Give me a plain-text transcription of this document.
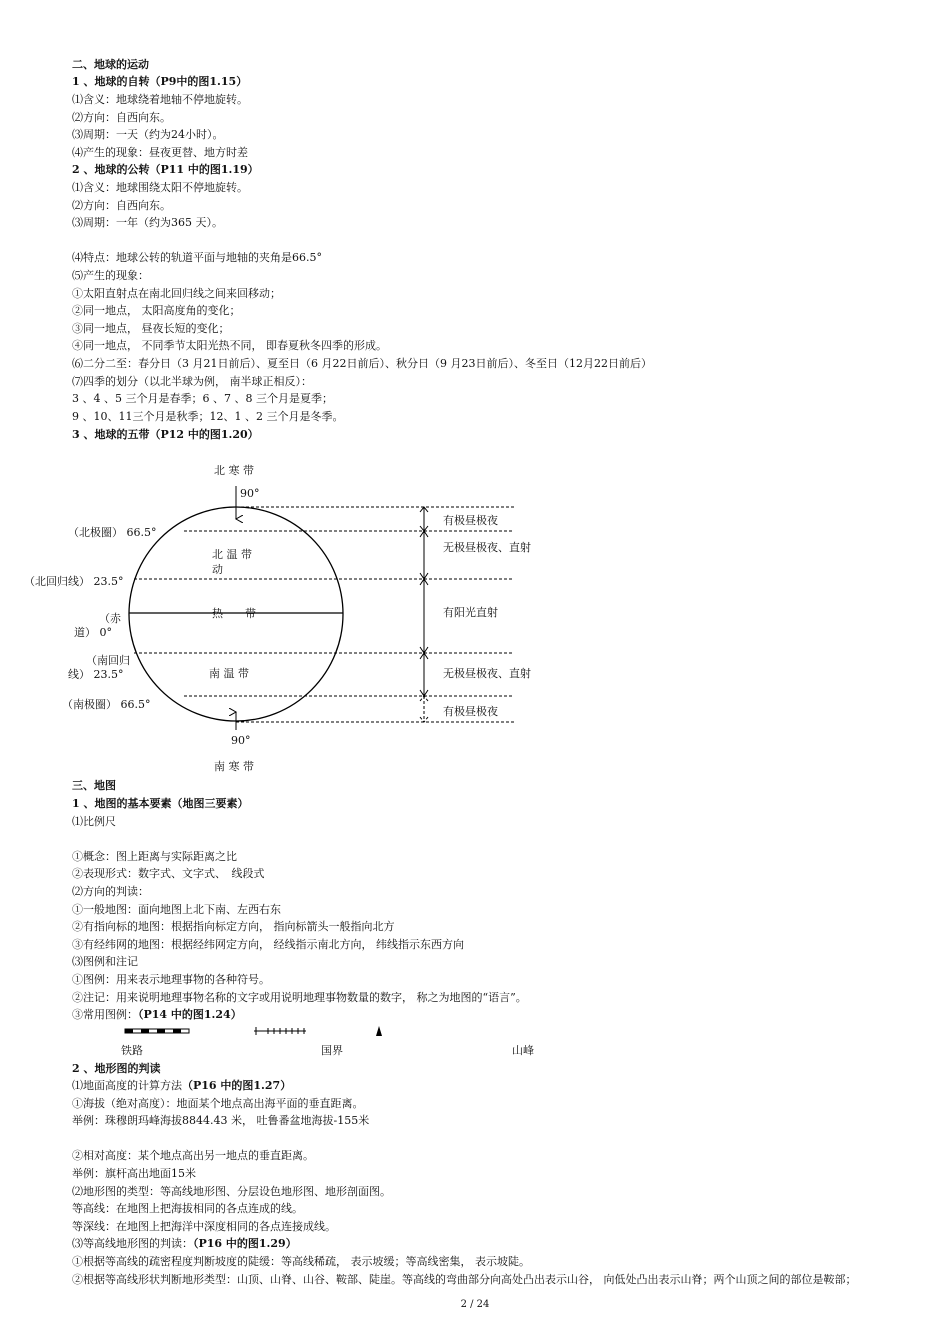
二、地球的运动
1 、地球的自转（P9中的图1.15）
⑴含义：地球绕着地轴不停地旋转。
⑵方向：自西向东。
⑶周期：一天（约为24小时）。
⑷产生的现象：昼夜更替、地方时差
2 、地球的公转（P11 中的图1.19）
⑴含义：地球围绕太阳不停地旋转。
⑵方向：自西向东。
⑶周期：一年（约为365 天）。
⑷特点：地球公转的轨道平面与地轴的夹角是66.5°
⑸产生的现象：
①太阳直射点在南北回归线之间来回移动；
②同一地点， 太阳高度角的变化；
③同一地点， 昼夜长短的变化；
④同一地点， 不同季节太阳光热不同， 即春夏秋冬四季的形成。
⑹二分二至：春分日（3 月21日前后）、夏至日（6 月22日前后）、秋分日（9 月23日前后）、冬至日（12月22日前后）
⑺四季的划分（以北半球为例， 南半球正相反）：
3 、4 、5 三个月是春季；6 、7 、8 三个月是夏季；
9 、10、11三个月是秋季；12、1 、2 三个月是冬季。
3 、地球的五带（P12 中的图1.20）
北 寒 带
90°
（北极圈） 66.5°
北 温 带
动
（北回归线） 23.5°
（赤
道） 0°
热　　带
（南回归
线） 23.5°	南 温 带
（南极圈） 66.5°
90°
南 寒 带
有极昼极夜
无极昼极夜、直射
有阳光直射
无极昼极夜、直射
有极昼极夜
三、地图
1 、地图的基本要素（地图三要素）
⑴比例尺
①概念：图上距离与实际距离之比
②表现形式：数字式、文字式、　线段式
⑵方向的判读：
①一般地图：面向地图上北下南、左西右东
②有指向标的地图：根据指向标定方向， 指向标箭头一般指向北方
③有经纬网的地图：根据经纬网定方向， 经线指示南北方向， 纬线指示东西方向
⑶图例和注记
①图例：用来表示地理事物的各种符号。
②注记：用来说明地理事物名称的文字或用说明地理事物数量的数字， 称之为地图的“语言”。
③常用图例：（P14 中的图1.24）
铁路	国界	山峰
2 、地形图的判读
⑴地面高度的计算方法（P16 中的图1.27）
①海拔（绝对高度）：地面某个地点高出海平面的垂直距离。
举例：珠穆朗玛峰海拔8844.43 米， 吐鲁番盆地海拔-155米
②相对高度：某个地点高出另一地点的垂直距离。
举例：旗杆高出地面15米
⑵地形图的类型：等高线地形图、分层设色地形图、地形剖面图。
等高线：在地图上把海拔相同的各点连成的线。
等深线：在地图上把海洋中深度相同的各点连接成线。
⑶等高线地形图的判读：（P16 中的图1.29）
①根据等高线的疏密程度判断坡度的陡缓：等高线稀疏， 表示坡缓；等高线密集， 表示坡陡。
②根据等高线形状判断地形类型：山顶、山脊、山谷、鞍部、陡崖。等高线的弯曲部分向高处凸出表示山谷， 向低处凸出表示山脊；两个山顶之间的部位是鞍部；
2 / 24
